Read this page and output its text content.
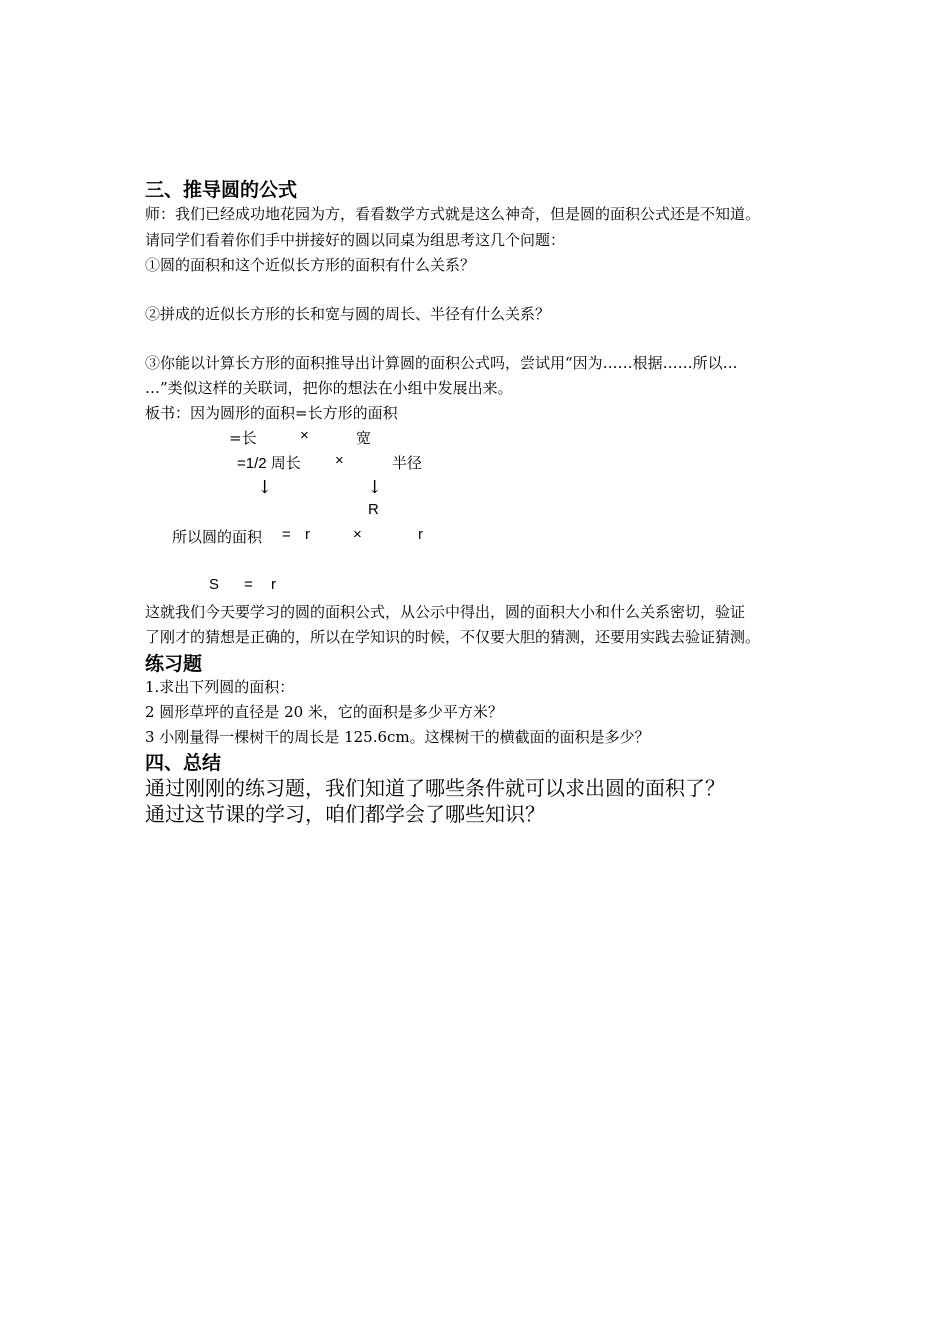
三、推导圆的公式
师：我们已经成功地花园为方，看看数学方式就是这么神奇，但是圆的面积公式还是不知道。
请同学们看着你们手中拼接好的圆以同桌为组思考这几个问题：
①圆的面积和这个近似长方形的面积有什么关系？
②拼成的近似长方形的长和宽与圆的周长、半径有什么关系？
③你能以计算长方形的面积推导出计算圆的面积公式吗，尝试用“因为……根据……所以…
…”类似这样的关联词，把你的想法在小组中发展出来。
板书：因为圆形的面积=长方形的面积
=长	×	宽
=1/2 周长 ×	半径
↓	↓
R
所以圆的面积 = r	×	r
S = r
这就我们今天要学习的圆的面积公式，从公示中得出，圆的面积大小和什么关系密切，验证
了刚才的猜想是正确的，所以在学知识的时候，不仅要大胆的猜测，还要用实践去验证猜测。
练习题
1.求出下列圆的面积：
2 圆形草坪的直径是 20 米，它的面积是多少平方米？
3 小刚量得一棵树干的周长是 125.6cm。这棵树干的横截面的面积是多少？
四、总结
通过刚刚的练习题，我们知道了哪些条件就可以求出圆的面积了？
通过这节课的学习，咱们都学会了哪些知识？
